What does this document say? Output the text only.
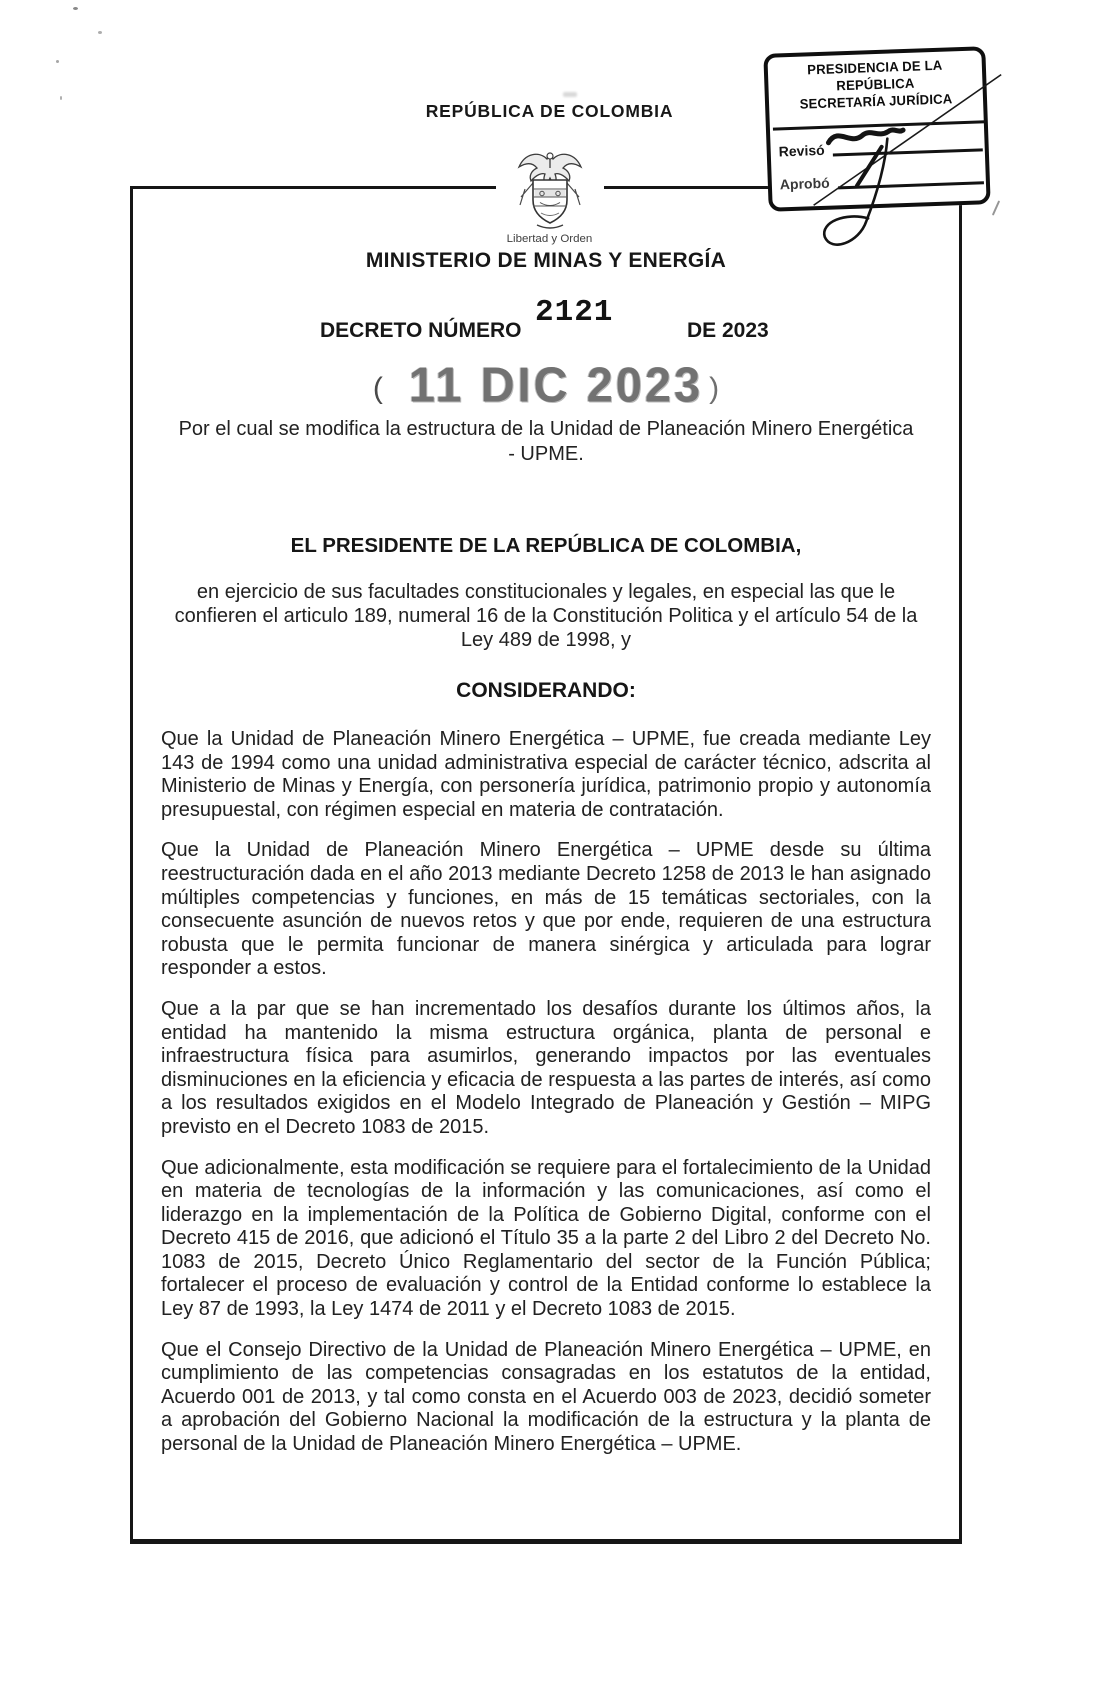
REPÚBLICA DE COLOMBIA
MINISTERIO DE MINAS Y ENERGÍA
DECRETO NÚMERO
2121
DE 2023
( 11 DIC 2023 )
Por el cual se modifica la estructura de la Unidad de Planeación Minero Energética
- UPME.
EL PRESIDENTE DE LA REPÚBLICA DE COLOMBIA,
en ejercicio de sus facultades constitucionales y legales, en especial las que le confieren el articulo 189, numeral 16 de la Constitución Politica y el artículo 54 de la Ley 489 de 1998, y
CONSIDERANDO:

Que la Unidad de Planeación Minero Energética – UPME, fue creada mediante Ley 143 de 1994 como una unidad administrativa especial de carácter técnico, adscrita al Ministerio de Minas y Energía, con personería jurídica, patrimonio propio y autonomía presupuestal, con régimen especial en materia de contratación.

Que la Unidad de Planeación Minero Energética – UPME desde su última reestructuración dada en el año 2013 mediante Decreto 1258 de 2013 le han asignado múltiples competencias y funciones, en más de 15 temáticas sectoriales, con la consecuente asunción de nuevos retos y que por ende, requieren de una estructura robusta que le permita funcionar de manera sinérgica y articulada para lograr responder a estos.

Que a la par que se han incrementado los desafíos durante los últimos años, la entidad ha mantenido la misma estructura orgánica, planta de personal e infraestructura física para asumirlos, generando impactos por las eventuales disminuciones en la eficiencia y eficacia de respuesta a las partes de interés, así como a los resultados exigidos en el Modelo Integrado de Planeación y Gestión – MIPG previsto en el Decreto 1083 de 2015.

Que adicionalmente, esta modificación se requiere para el fortalecimiento de la Unidad en materia de tecnologías de la información y las comunicaciones, así como el liderazgo en la implementación de la Política de Gobierno Digital, conforme con el Decreto 415 de 2016, que adicionó el Título 35 a la parte 2 del Libro 2 del Decreto No. 1083 de 2015, Decreto Único Reglamentario del sector de la Función Pública; fortalecer el proceso de evaluación y control de la Entidad conforme lo establece la Ley 87 de 1993, la Ley 1474 de 2011 y el Decreto 1083 de 2015.

Que el Consejo Directivo de la Unidad de Planeación Minero Energética – UPME, en cumplimiento de las competencias consagradas en los estatutos de la entidad, Acuerdo 001 de 2013, y tal como consta en el Acuerdo 003 de 2023, decidió someter a aprobación del Gobierno Nacional la modificación de la estructura y la planta de personal de la Unidad de Planeación Minero Energética – UPME.

Libertad y Orden
PRESIDENCIA DE LA REPÚBLICA
SECRETARÍA JURÍDICA
Revisó
Aprobó
